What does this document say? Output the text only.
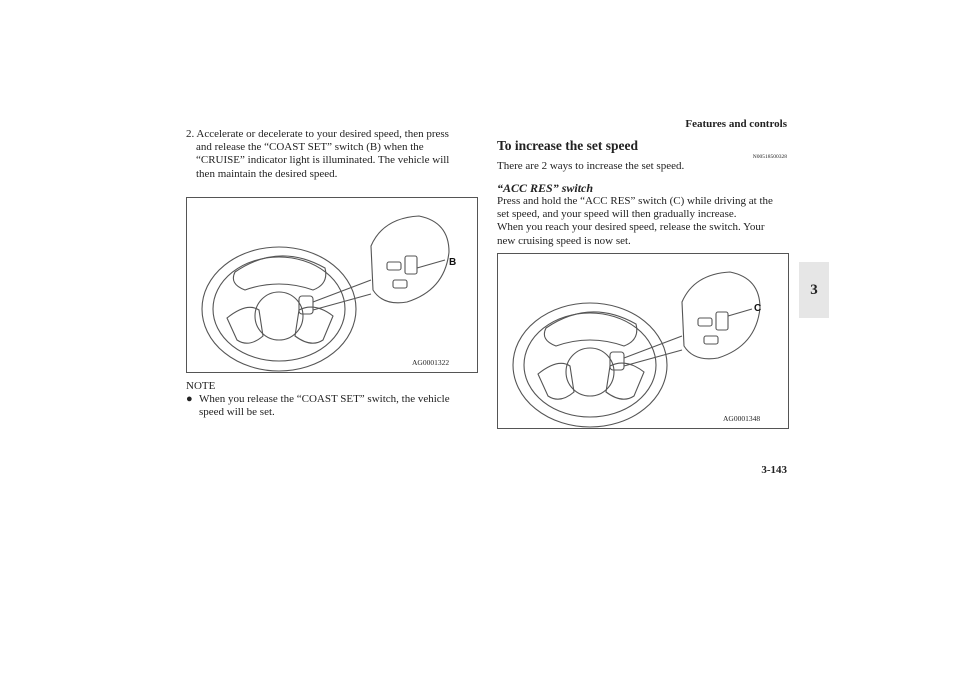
Features and controls
3
3-143

2. Accelerate or decelerate to your desired speed, then press
and release the “COAST SET” switch (B) when the
“CRUISE” indicator light is illuminated. The vehicle will
then maintain the desired speed.

B
AG0001322

NOTE

● When you release the “COAST SET” switch, the vehicle
speed will be set.

To increase the set speed
N00518500328

There are 2 ways to increase the set speed.

“ACC RES” switch

Press and hold the “ACC RES” switch (C) while driving at the
set speed, and your speed will then gradually increase.
When you reach your desired speed, release the switch. Your
new cruising speed is now set.

C
AG0001348
